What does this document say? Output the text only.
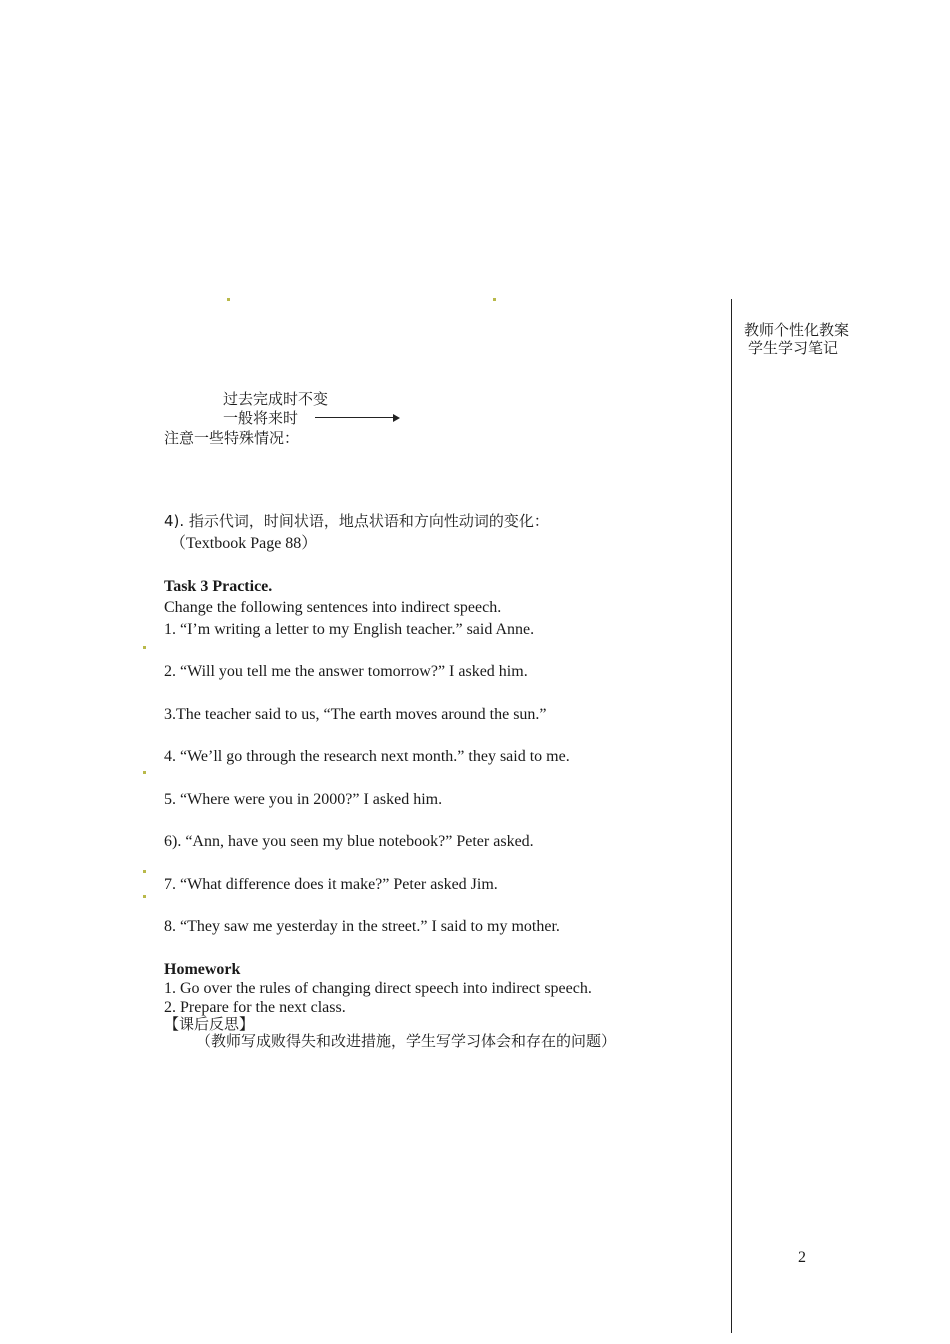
教师个性化教案
学生学习笔记
过去完成时不变
一般将来时
注意一些特殊情况：
4). 指示代词，时间状语，地点状语和方向性动词的变化：
（Textbook Page 88）
Task 3 Practice.
Change the following sentences into indirect speech.
1. “I’m writing a letter to my English teacher.” said Anne.
2. “Will you tell me the answer tomorrow?” I asked him.
3.The teacher said to us, “The earth moves around the sun.”
4. “We’ll go through the research next month.” they said to me.
5. “Where were you in 2000?” I asked him.
6). “Ann, have you seen my blue notebook?” Peter asked.
7. “What difference does it make?” Peter asked Jim.
8. “They saw me yesterday in the street.” I said to my mother.
Homework
1. Go over the rules of changing direct speech into indirect speech.
2. Prepare for the next class.
【课后反思】
（教师写成败得失和改进措施，学生写学习体会和存在的问题）
2
